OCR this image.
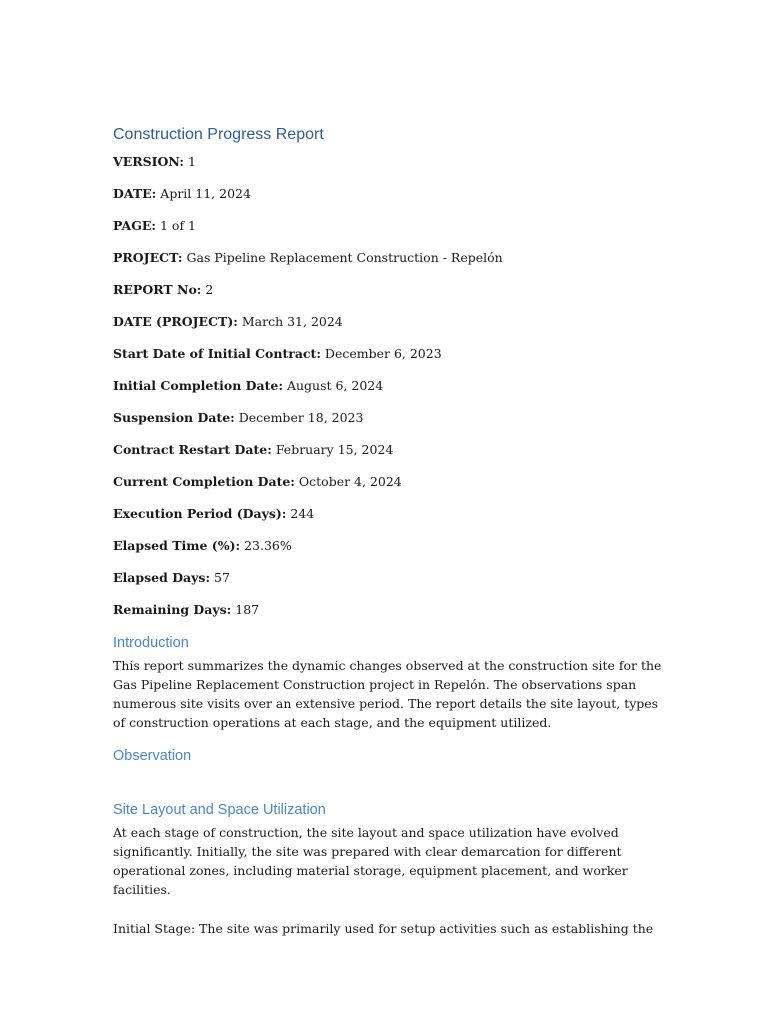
Construction Progress Report
VERSION: 1
DATE: April 11, 2024
PAGE: 1 of 1
PROJECT: Gas Pipeline Replacement Construction - Repelón
REPORT No: 2
DATE (PROJECT): March 31, 2024
Start Date of Initial Contract: December 6, 2023
Initial Completion Date: August 6, 2024
Suspension Date: December 18, 2023
Contract Restart Date: February 15, 2024
Current Completion Date: October 4, 2024
Execution Period (Days): 244
Elapsed Time (%): 23.36%
Elapsed Days: 57
Remaining Days: 187
Introduction

This report summarizes the dynamic changes observed at the construction site for the Gas Pipeline Replacement Construction project in Repelón. The observations span numerous site visits over an extensive period. The report details the site layout, types of construction operations at each stage, and the equipment utilized.

Observation
Site Layout and Space Utilization

At each stage of construction, the site layout and space utilization have evolved significantly. Initially, the site was prepared with clear demarcation for different operational zones, including material storage, equipment placement, and worker facilities.

Initial Stage: The site was primarily used for setup activities such as establishing the
